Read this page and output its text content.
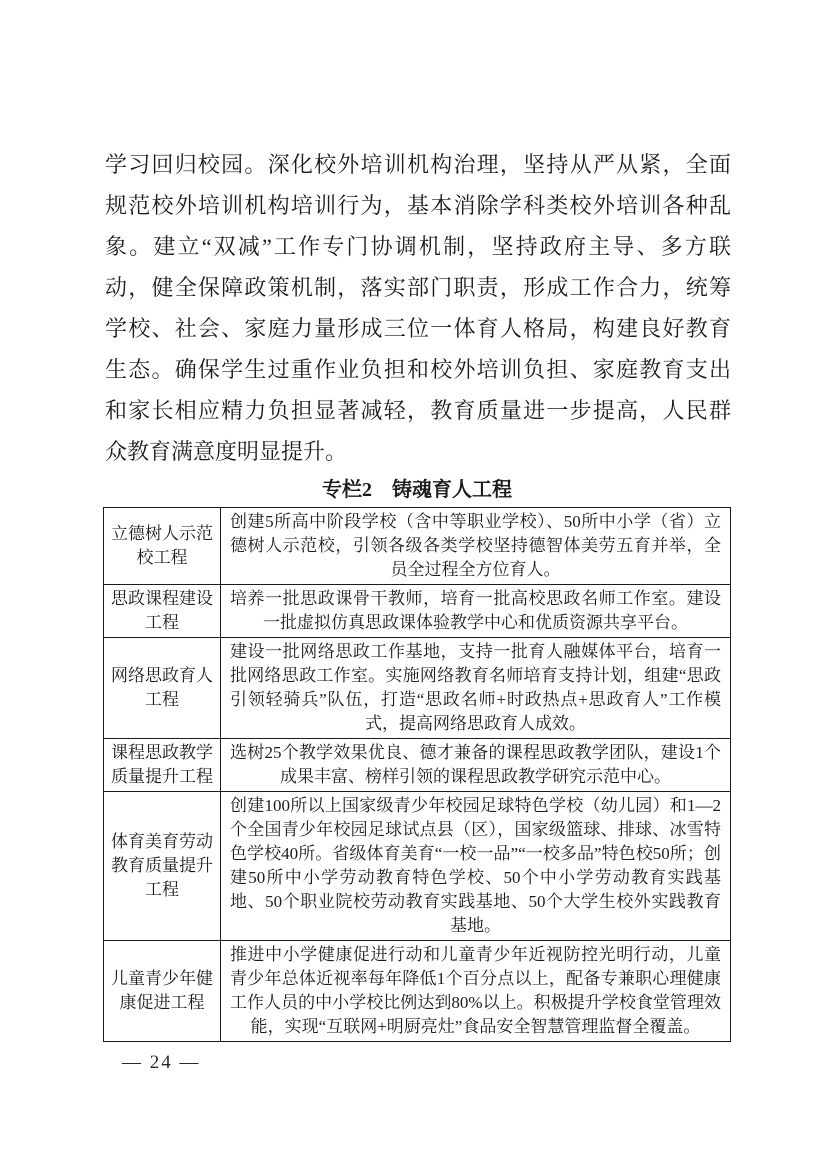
学习回归校园。深化校外培训机构治理，坚持从严从紧，全面
规范校外培训机构培训行为，基本消除学科类校外培训各种乱
象。建立“双减”工作专门协调机制，坚持政府主导、多方联
动，健全保障政策机制，落实部门职责，形成工作合力，统筹
学校、社会、家庭力量形成三位一体育人格局，构建良好教育
生态。确保学生过重作业负担和校外培训负担、家庭教育支出
和家长相应精力负担显著减轻，教育质量进一步提高，人民群
众教育满意度明显提升。
专栏2　铸魂育人工程
立德树人示范校工程	创建5所高中阶段学校（含中等职业学校）、50所中小学（省）立德树人示范校，引领各级各类学校坚持德智体美劳五育并举，全员全过程全方位育人。
思政课程建设工程	培养一批思政课骨干教师，培育一批高校思政名师工作室。建设一批虚拟仿真思政课体验教学中心和优质资源共享平台。
网络思政育人工程	建设一批网络思政工作基地，支持一批育人融媒体平台，培育一批网络思政工作室。实施网络教育名师培育支持计划，组建“思政引领轻骑兵”队伍，打造“思政名师+时政热点+思政育人”工作模式，提高网络思政育人成效。
课程思政教学质量提升工程	选树25个教学效果优良、德才兼备的课程思政教学团队，建设1个成果丰富、榜样引领的课程思政教学研究示范中心。
体育美育劳动教育质量提升工程	创建100所以上国家级青少年校园足球特色学校（幼儿园）和1—2个全国青少年校园足球试点县（区），国家级篮球、排球、冰雪特色学校40所。省级体育美育“一校一品”“一校多品”特色校50所；创建50所中小学劳动教育特色学校、50个中小学劳动教育实践基地、50个职业院校劳动教育实践基地、50个大学生校外实践教育基地。
儿童青少年健康促进工程	推进中小学健康促进行动和儿童青少年近视防控光明行动，儿童青少年总体近视率每年降低1个百分点以上，配备专兼职心理健康工作人员的中小学校比例达到80%以上。积极提升学校食堂管理效能，实现“互联网+明厨亮灶”食品安全智慧管理监督全覆盖。
— 24 —
